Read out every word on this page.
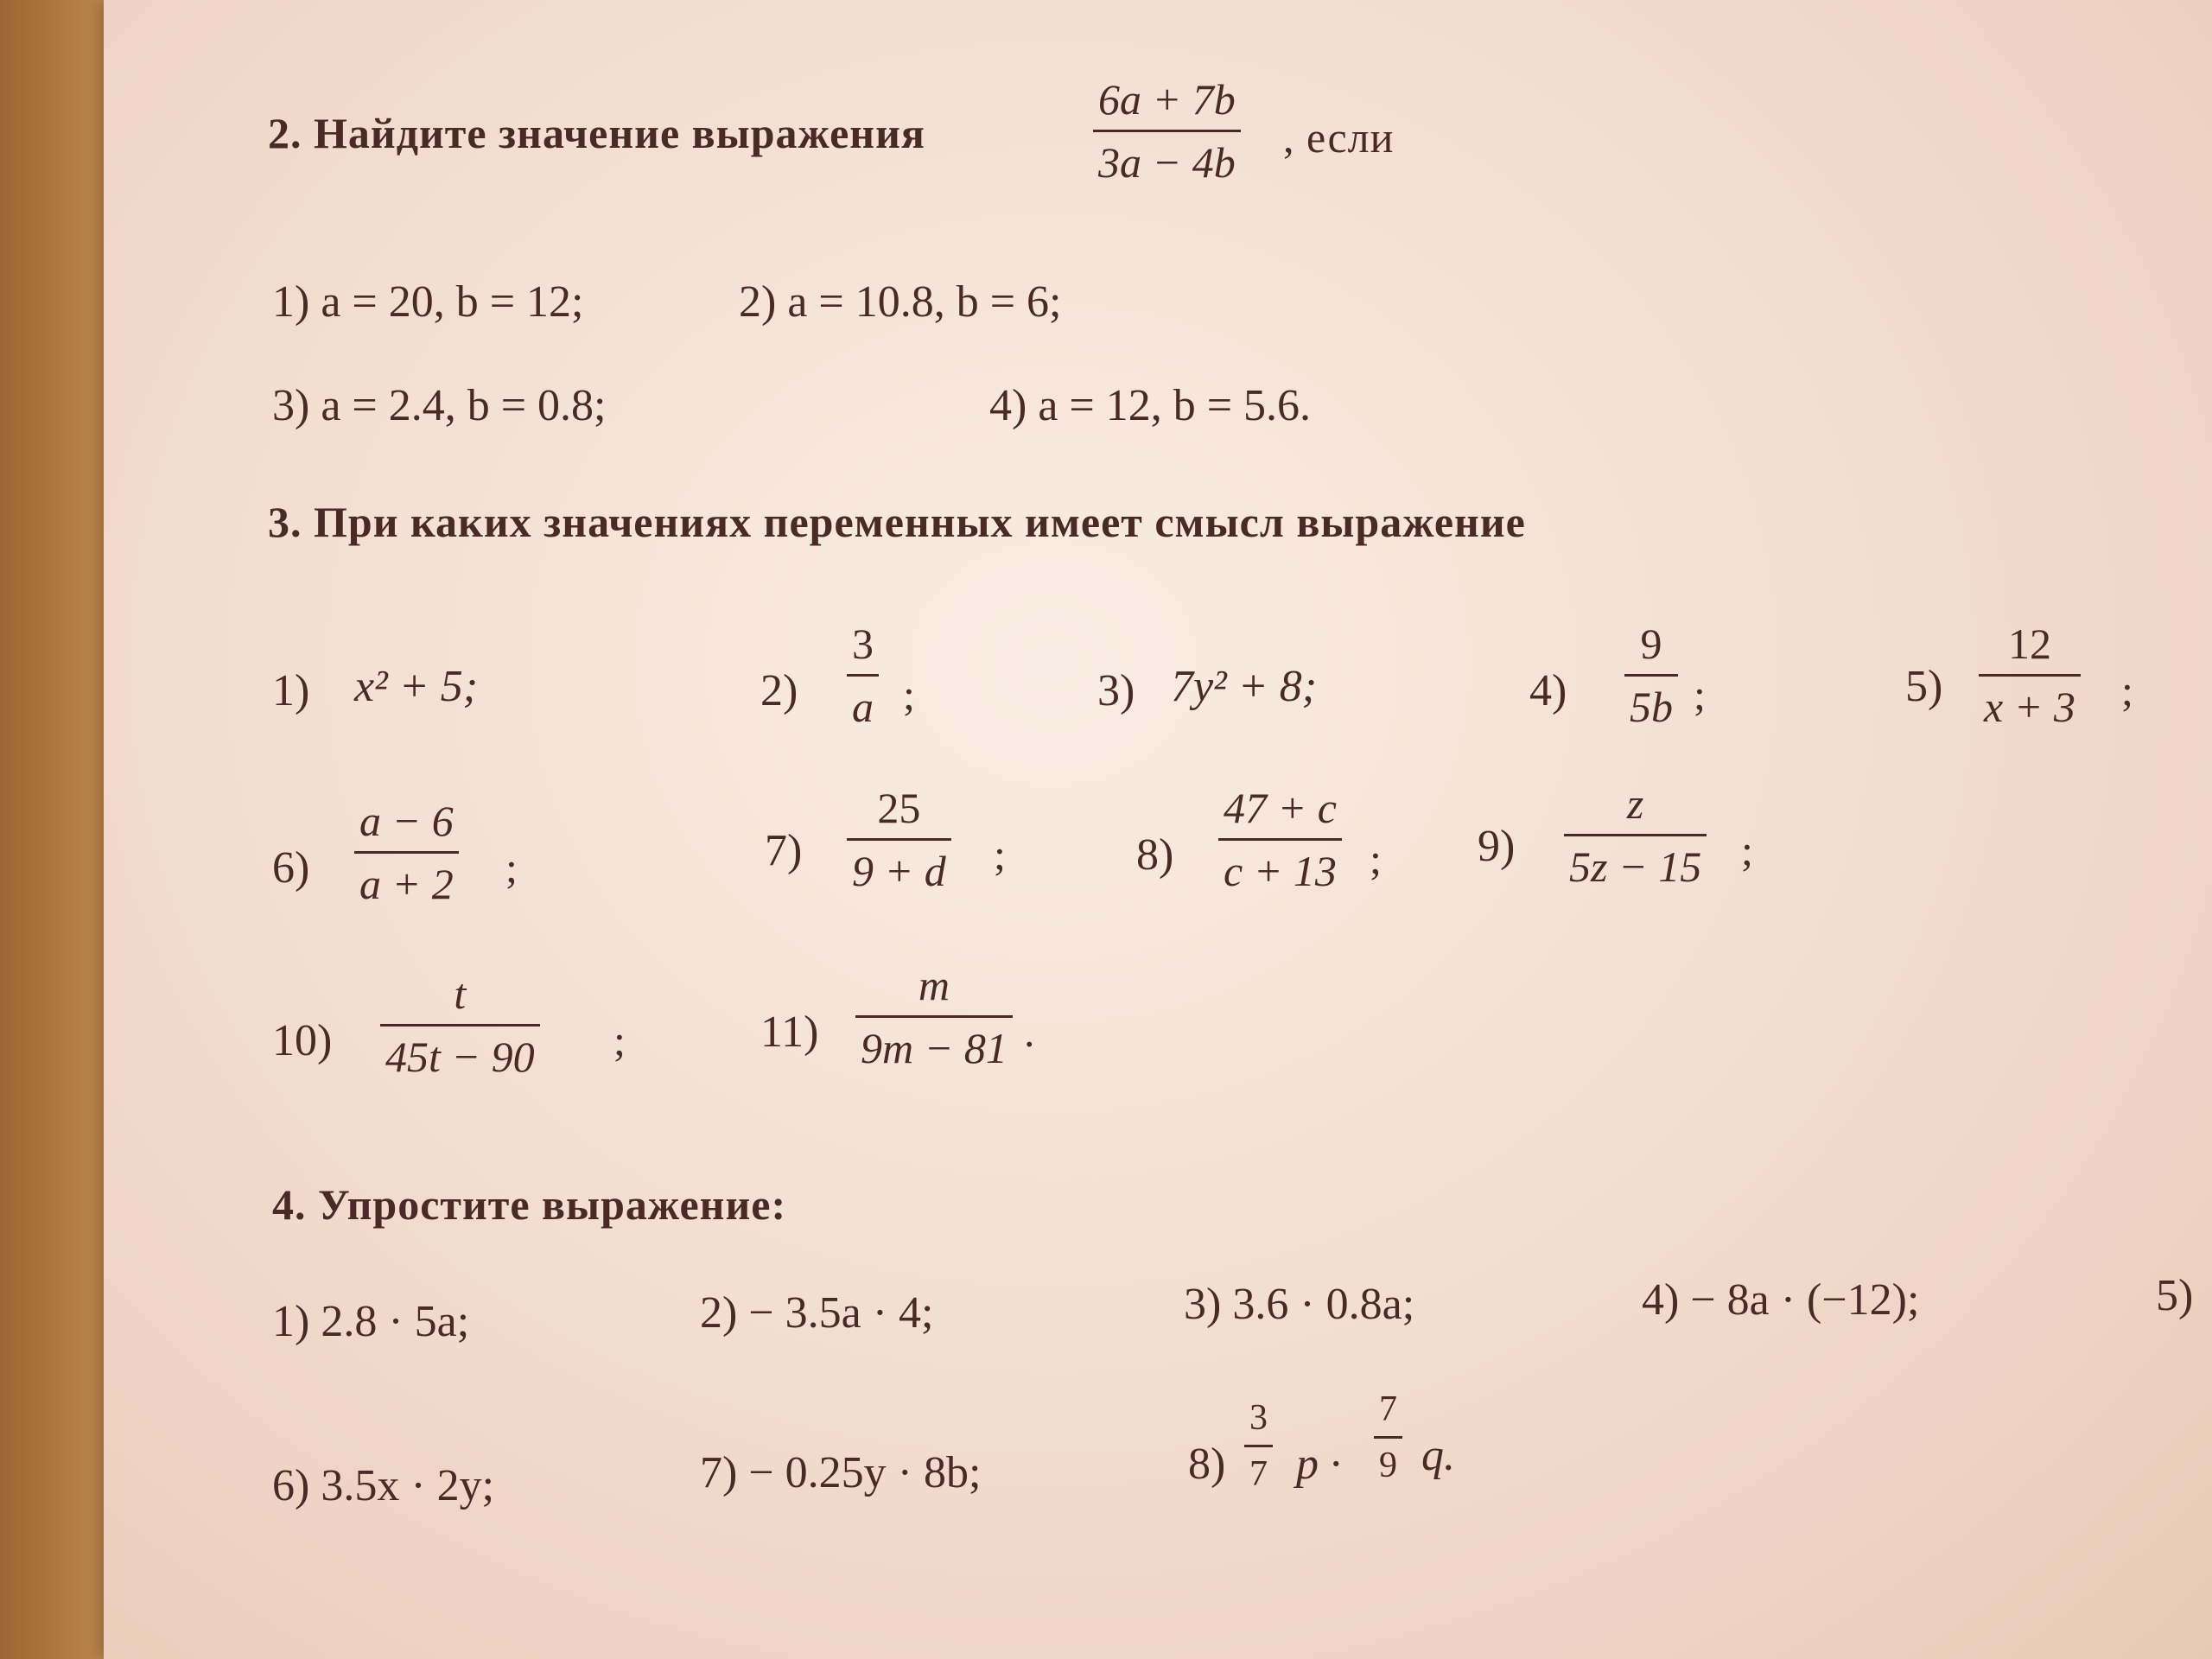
2. Найдите значение выражения
6a + 7b
3a − 4b
, если
1) a = 20, b = 12;	2) a = 10.8, b = 6;
3) a = 2.4, b = 0.8;	4) a = 12, b = 5.6.
3. При каких значениях переменных имеет смысл выражение
1) x² + 5;	2)
3
a ;	3) 7y² + 8;	4)
9
5b ;	5)
12
x + 3 ;
6)
a − 6
a + 2 ;	7)
25
9 + d ;	8)
47 + c
c + 13 ; 9)
z
5z − 15 ;
10)
t
45t − 90 ;	11)
m
9m − 81 .
4. Упростите выражение:
1) 2.8 · 5a;	2) − 3.5a · 4;	3) 3.6 · 0.8a;	4) − 8a · (−12);	5)
6) 3.5x · 2y;	7) − 0.25y · 8b;	8)
3
7 p ·
7
9 q.
